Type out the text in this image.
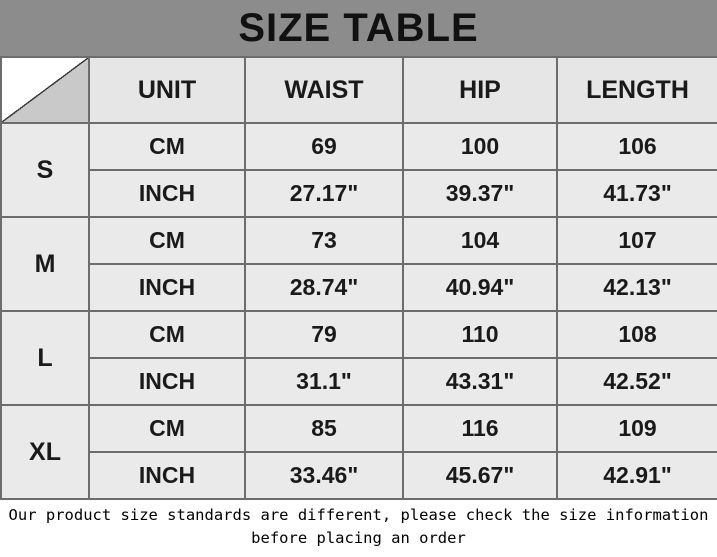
SIZE TABLE
	UNIT	WAIST	HIP	LENGTH
S	CM	69	100	106
	INCH	27.17"	39.37"	41.73"
M	CM	73	104	107
	INCH	28.74"	40.94"	42.13"
L	CM	79	110	108
	INCH	31.1"	43.31"	42.52"
XL	CM	85	116	109
	INCH	33.46"	45.67"	42.91"
Our product size standards are different, please check the size information
before placing an order
